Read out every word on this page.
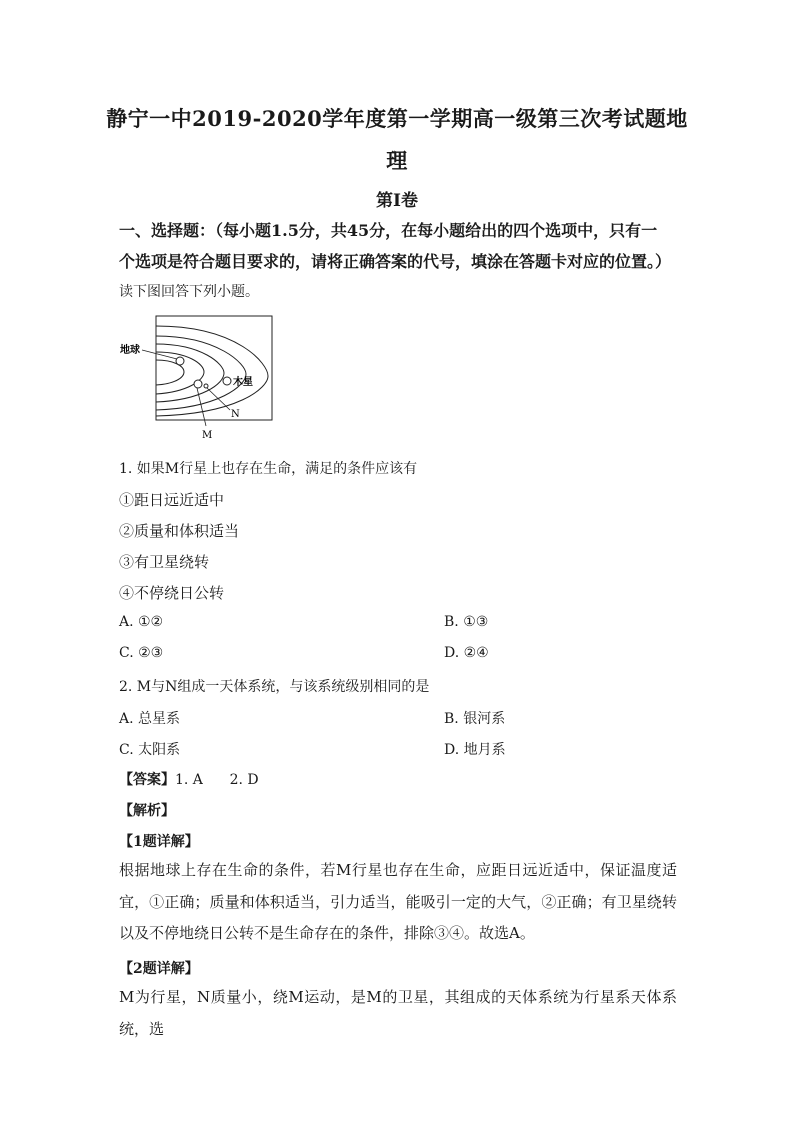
静宁一中2019-2020学年度第一学期高一级第三次考试题地
理
第Ⅰ卷
一、选择题：（每小题1.5分，共45分，在每小题给出的四个选项中，只有一
个选项是符合题目要求的，请将正确答案的代号，填涂在答题卡对应的位置。）
读下图回答下列小题。
地球
木星
N
M
1. 如果M行星上也存在生命，满足的条件应该有
①距日远近适中
②质量和体积适当
③有卫星绕转
④不停绕日公转
A. ①②	B. ①③
C. ②③	D. ②④
2. M与N组成一天体系统，与该系统级别相同的是
A. 总星系	B. 银河系
C. 太阳系	D. 地月系
【答案】1. A      2. D
【解析】
【1题详解】
根据地球上存在生命的条件，若M行星也存在生命，应距日远近适中，保证温度适宜，①正确；质量和体积适当，引力适当，能吸引一定的大气，②正确；有卫星绕转以及不停地绕日公转不是生命存在的条件，排除③④。故选A。
【2题详解】
M为行星，N质量小，绕M运动，是M的卫星，其组成的天体系统为行星系天体系统，选
